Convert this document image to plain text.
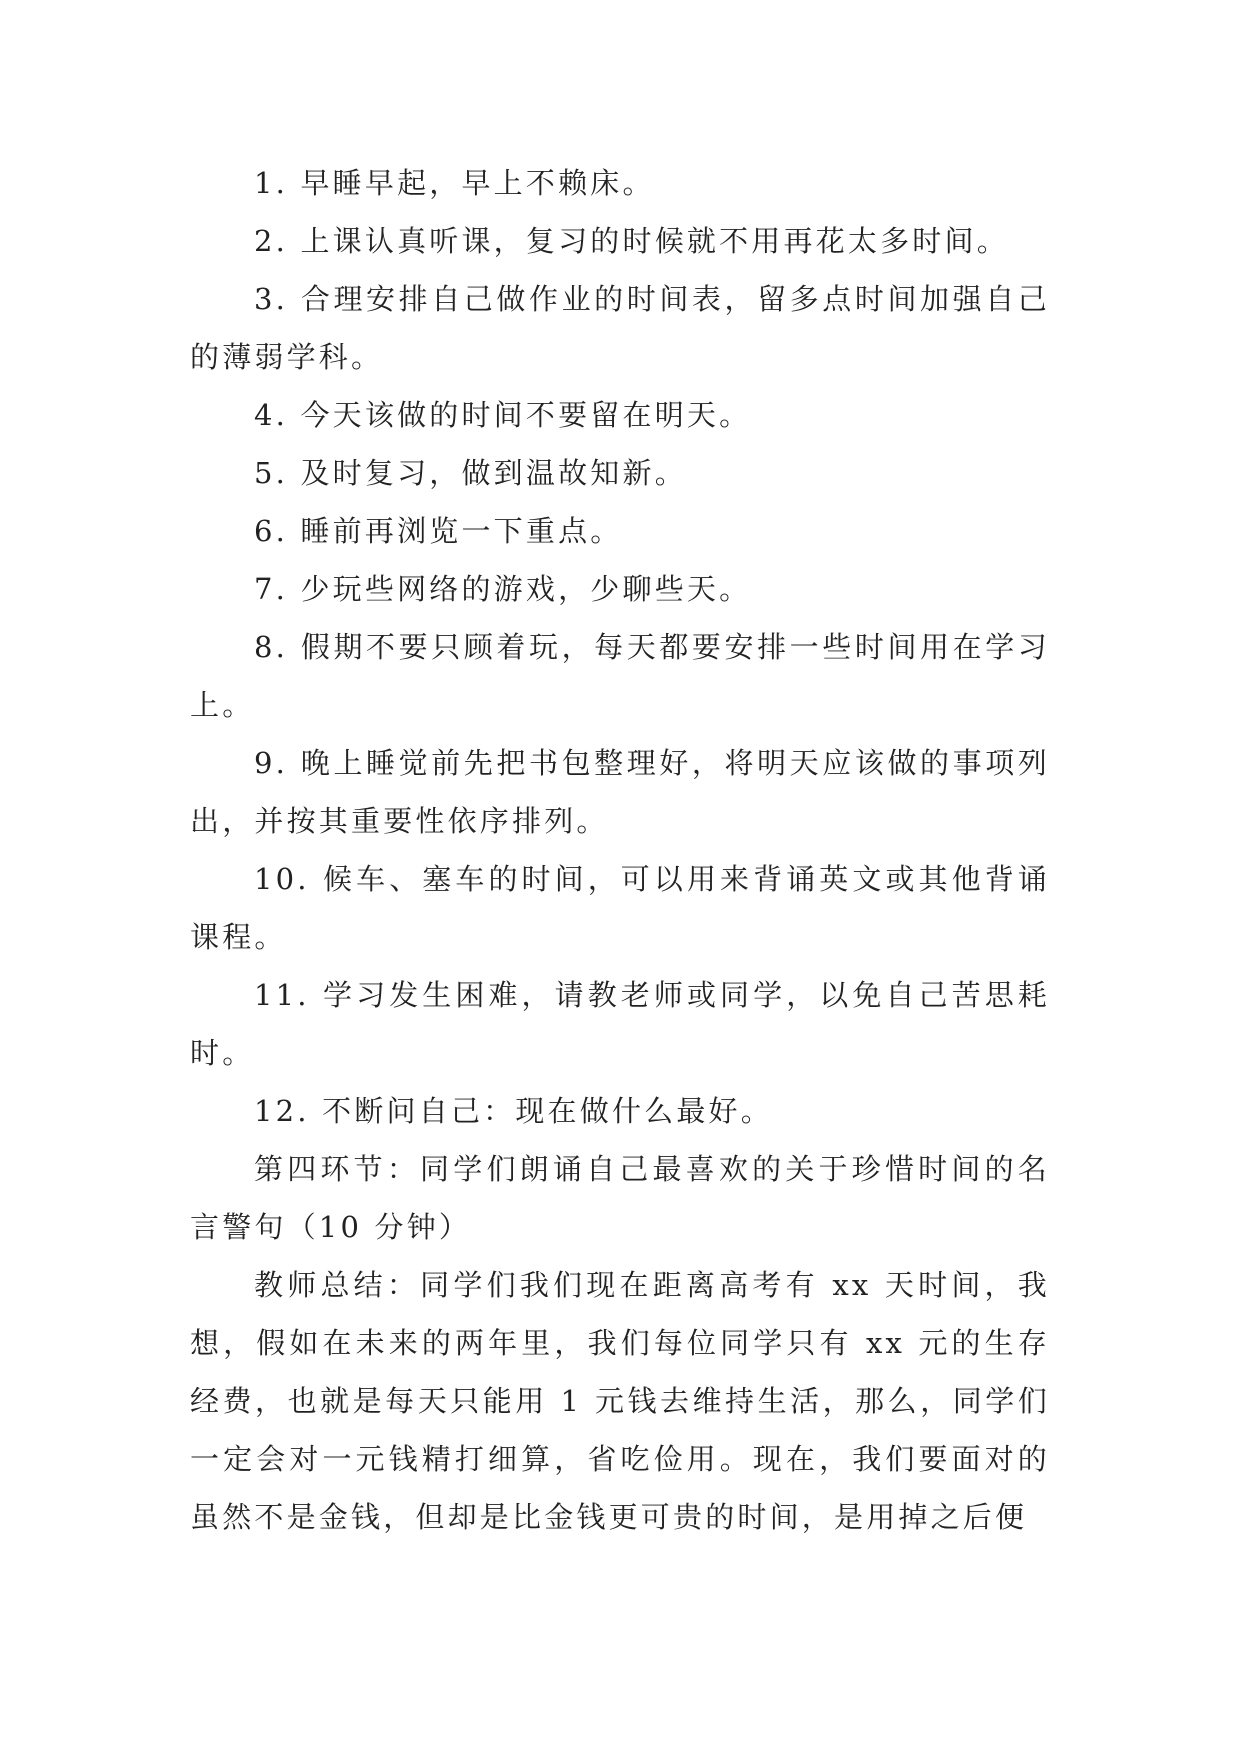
1. 早睡早起，早上不赖床。

2. 上课认真听课，复习的时候就不用再花太多时间。

3. 合理安排自己做作业的时间表，留多点时间加强自己的薄弱学科。

4. 今天该做的时间不要留在明天。

5. 及时复习，做到温故知新。

6. 睡前再浏览一下重点。

7. 少玩些网络的游戏，少聊些天。

8. 假期不要只顾着玩，每天都要安排一些时间用在学习上。

9. 晚上睡觉前先把书包整理好，将明天应该做的事项列出，并按其重要性依序排列。

10. 候车、塞车的时间，可以用来背诵英文或其他背诵课程。

11. 学习发生困难，请教老师或同学，以免自己苦思耗时。

12. 不断问自己：现在做什么最好。

第四环节：同学们朗诵自己最喜欢的关于珍惜时间的名言警句（10 分钟）

教师总结：同学们我们现在距离高考有 xx 天时间，我想，假如在未来的两年里，我们每位同学只有 xx 元的生存经费，也就是每天只能用 1 元钱去维持生活，那么，同学们一定会对一元钱精打细算，省吃俭用。现在，我们要面对的虽然不是金钱，但却是比金钱更可贵的时间，是用掉之后便
